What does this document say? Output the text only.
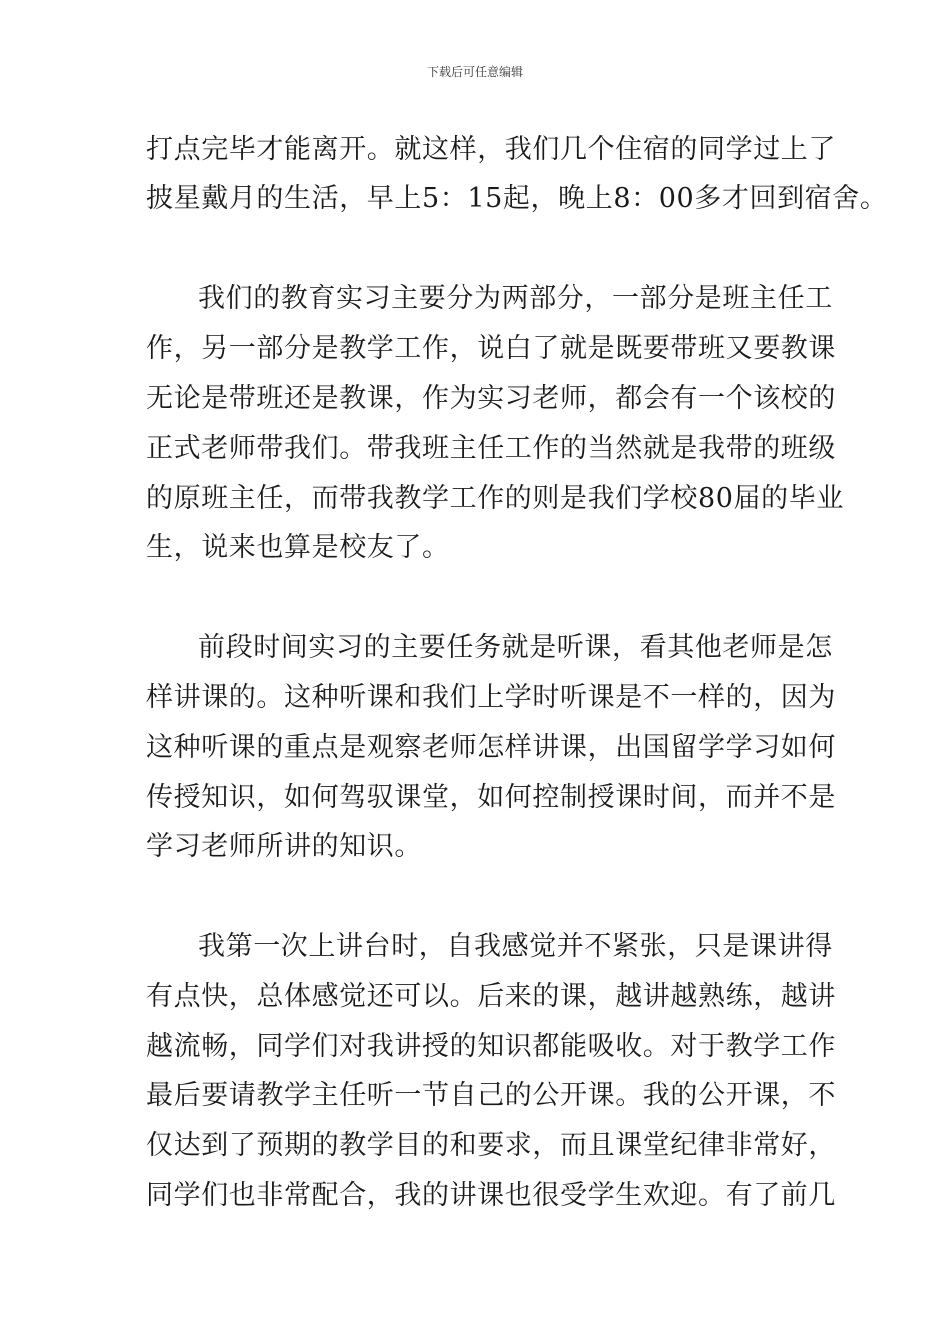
下载后可任意编辑
打点完毕才能离开。就这样，我们几个住宿的同学过上了
披星戴月的生活，早上5：15起，晚上8：00多才回到宿舍。
我们的教育实习主要分为两部分，一部分是班主任工
作，另一部分是教学工作，说白了就是既要带班又要教课
无论是带班还是教课，作为实习老师，都会有一个该校的
正式老师带我们。带我班主任工作的当然就是我带的班级
的原班主任，而带我教学工作的则是我们学校80届的毕业
生，说来也算是校友了。
前段时间实习的主要任务就是听课，看其他老师是怎
样讲课的。这种听课和我们上学时听课是不一样的，因为
这种听课的重点是观察老师怎样讲课，出国留学学习如何
传授知识，如何驾驭课堂，如何控制授课时间，而并不是
学习老师所讲的知识。
我第一次上讲台时，自我感觉并不紧张，只是课讲得
有点快，总体感觉还可以。后来的课，越讲越熟练，越讲
越流畅，同学们对我讲授的知识都能吸收。对于教学工作
最后要请教学主任听一节自己的公开课。我的公开课，不
仅达到了预期的教学目的和要求，而且课堂纪律非常好，
同学们也非常配合，我的讲课也很受学生欢迎。有了前几
